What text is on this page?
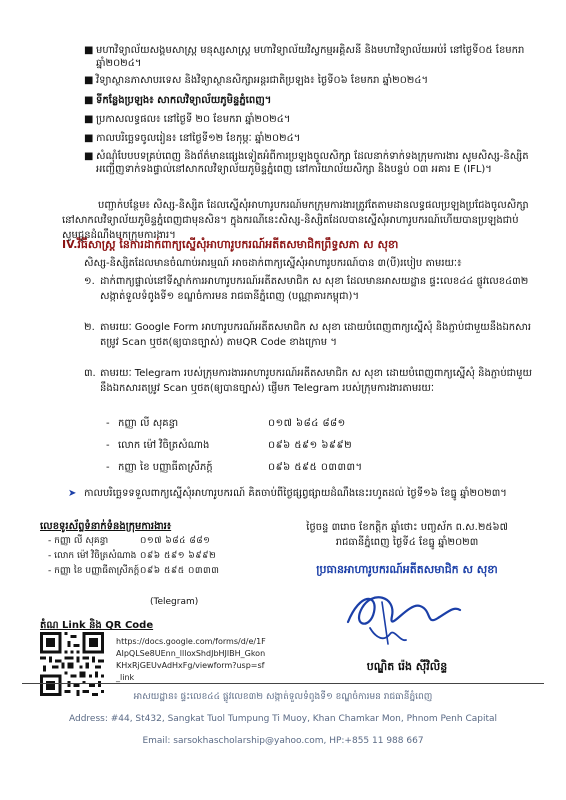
■ មហាវិទ្យាល័យសង្គមសាស្ត្រ មនុស្សសាស្ត្រ មហាវិទ្យាល័យវិស្វកម្មអគ្គិសនី និងមហាវិទ្យាល័យអប់រំ នៅថ្ងៃទី០៥ ខែមករា ឆ្នាំ២០២៤។
■ វិទ្យាស្ថានភាសាបរទេស និងវិទ្យាស្ថានសិក្សាអន្តរជាតិប្រឡង៖ ថ្ងៃទី០៦ ខែមករា ឆ្នាំ២០២៤។
■ ទីកន្លែងប្រឡង៖ សាកលវិទ្យាល័យភូមិន្ទភ្នំពេញ។
■ ប្រកាសលទ្ធផល៖ នៅថ្ងៃទី ២០ ខែមករា ឆ្នាំ២០២៤។
■ កាលបរិច្ឆេទចូលរៀន៖ នៅថ្ងៃទី១២ ខែកុម្ភៈ ឆ្នាំ២០២៤។
■ សំណុំបែបបទគ្រប់ពេញ និងព័ត៌មានផ្សេងទៀតអំពីការប្រឡងចូលសិក្សា ដែលនាក់ទាក់ទងក្រុមការងារ សូមសិស្ស-និស្សិតអញ្ជើញទាក់ទងផ្ទាល់នៅសាកលវិទ្យាល័យភូមិន្ទភ្នំពេញ នៅការិយាល័យសិក្សា និងបន្ទប់ ០៣ អគារ E (IFL)។
បញ្ជាក់បន្ថែម៖ សិស្ស-និស្សិត ដែលស្នើសុំអាហារូបករណ៍មកក្រុមការងារត្រូវតែតាមដានលទ្ធផលប្រឡងប្រជែងចូលសិក្សានៅសាកលវិទ្យាល័យភូមិន្ទភ្នំពេញជាមុនសិន។ ក្នុងករណីនេះសិស្ស-និស្សិតដែលបានស្នើសុំអាហារូបករណ៍ហើយបានប្រឡងជាប់ សូមជូនដំណឹងមកក្រុមការងារ។
IV.វិធីសាស្ត្រ នៃការដាក់ពាក្យស្នើសុំអាហារូបករណ៍អតីតសមាជិកព្រឹទ្ធសភា ស សុខា
សិស្ស-និស្សិតដែលមានចំណាប់អារម្មណ៍ អាចដាក់ពាក្យស្នើសុំអាហារូបករណ៍បាន ៣(បី)របៀប តាមរយៈ៖
១. ដាក់ពាក្យផ្ទាល់នៅទីស្នាក់ការអាហារូបករណ៍អតីតសមាជិក ស សុខា ដែលមានអាសយដ្ឋាន ផ្ទះលេខ៤៤ ផ្លូវលេខ៤៣២ សង្កាត់ទួលទំពូងទី១ ខណ្ឌចំការមន រាជធានីភ្នំពេញ (បណ្ណាគារកម្ពុជា)។
២. តាមរយៈ Google Form អាហារូបករណ៍អតីតសមាជិក ស សុខា ដោយបំពេញពាក្យស្នើសុំ និងភ្ជាប់ជាមួយនឹងឯកសារតម្រូវ Scan ឬថត(ឲ្យបានច្បាស់) តាមQR Code ខាងក្រោម ។
៣. តាមរយៈ Telegram របស់ក្រុមការងារអាហារូបករណ៍អតីតសមាជិក ស សុខា ដោយបំពេញពាក្យស្នើសុំ និងភ្ជាប់ជាមួយនឹងឯកសារតម្រូវ Scan ឬថត(ឲ្យបានច្បាស់) ផ្ញើមក Telegram របស់ក្រុមការងារតាមរយៈ
- កញ្ញា លី សុគន្ធា	០១៧ ៦៨៤ ៨៨១
- លោក ម៉ៅ វិចិត្រសំណាង	០៩៦ ៥៩១ ៦៩៩២
- កញ្ញា ខៃ បញ្ញាធីតាស្រីភក្ត៍	០៩៦ ៥៩៥ ០៣៣៣។
➤ កាលបរិច្ឆេទទទួលពាក្យស្នើសុំអាហារូបករណ៍ គិតចាប់ពីថ្ងៃផ្សព្វផ្សាយដំណឹងនេះរហូតដល់ ថ្ងៃទី១៦ ខែធ្នូ ឆ្នាំ២០២៣។
លេខទូរស័ព្ទទំនាក់ទំនងក្រុមការងារ៖
- កញ្ញា លី សុគន្ធា	០១៧ ៦៨៤ ៨៨១
- លោក ម៉ៅ វិចិត្រសំណាង ០៩៦ ៥៩១ ៦៩៩២
- កញ្ញា ខៃ បញ្ញាធីតាស្រីភក្ត៍ ០៩៦ ៥៩៥ ០៣៣៣
(Telegram)
តំណ Link និង QR Code
https://docs.google.com/forms/d/e/1FAIpQLSe8UEnn_llloxShdJbHJlBH_GkonKHxRjGEUvAdHxFg/viewform?usp=sf_link
ថ្ងៃចន្ទ ៣រោច ខែកត្តិក ឆ្នាំថោះ បញ្ចស័ក ព.ស.២៥៦៧
រាជធានីភ្នំពេញ ថ្ងៃទី៤ ខែធ្នូ ឆ្នាំ២០២៣
ប្រធានអាហារូបករណ៍អតីតសមាជិក ស សុខា
បណ្ឌិត រ៉េង ស៊ីវិលិន្ទ
អាសយដ្ឋាន៖ ផ្ទះលេខ៤៤ ផ្លូវលេខ៣២ សង្កាត់ទួលទំពូងទី១ ខណ្ឌចំការមន រាជធានីភ្នំពេញ
Address: #44, St432, Sangkat Tuol Tumpung Ti Muoy, Khan Chamkar Mon, Phnom Penh Capital
Email: sarsokhascholarship@yahoo.com, HP:+855 11 988 667
